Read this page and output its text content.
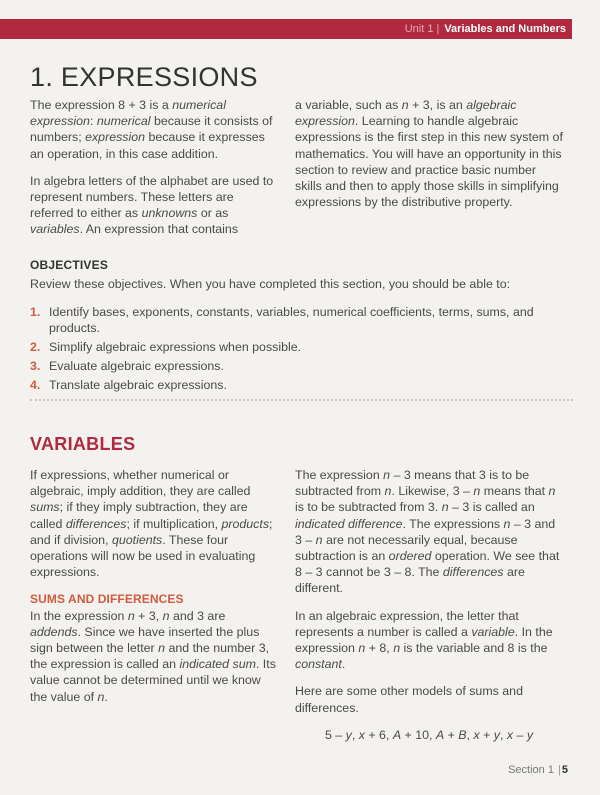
Unit 1 | Variables and Numbers
1. EXPRESSIONS

The expression 8 + 3 is a numerical expression: numerical because it consists of numbers; expression because it expresses an operation, in this case addition.

In algebra letters of the alphabet are used to represent numbers. These letters are referred to either as unknowns or as variables. An expression that contains

a variable, such as n + 3, is an algebraic expression. Learning to handle algebraic expressions is the first step in this new system of mathematics. You will have an opportunity in this section to review and practice basic number skills and then to apply those skills in simplifying expressions by the distributive property.

OBJECTIVES
Review these objectives. When you have completed this section, you should be able to:
1. Identify bases, exponents, constants, variables, numerical coefficients, terms, sums, and products.
2. Simplify algebraic expressions when possible.
3. Evaluate algebraic expressions.
4. Translate algebraic expressions.
VARIABLES

If expressions, whether numerical or algebraic, imply addition, they are called sums; if they imply subtraction, they are called differences; if multiplication, products; and if division, quotients. These four operations will now be used in evaluating expressions.

SUMS AND DIFFERENCES

In the expression n + 3, n and 3 are addends. Since we have inserted the plus sign between the letter n and the number 3, the expression is called an indicated sum. Its value cannot be determined until we know the value of n.

The expression n – 3 means that 3 is to be subtracted from n. Likewise, 3 – n means that n is to be subtracted from 3. n – 3 is called an indicated difference. The expressions n – 3 and 3 – n are not necessarily equal, because subtraction is an ordered operation. We see that 8 – 3 cannot be 3 – 8. The differences are different.

In an algebraic expression, the letter that represents a number is called a variable. In the expression n + 8, n is the variable and 8 is the constant.

Here are some other models of sums and differences.

5 – y, x + 6, A + 10, A + B, x + y, x – y
Section 1 |5
